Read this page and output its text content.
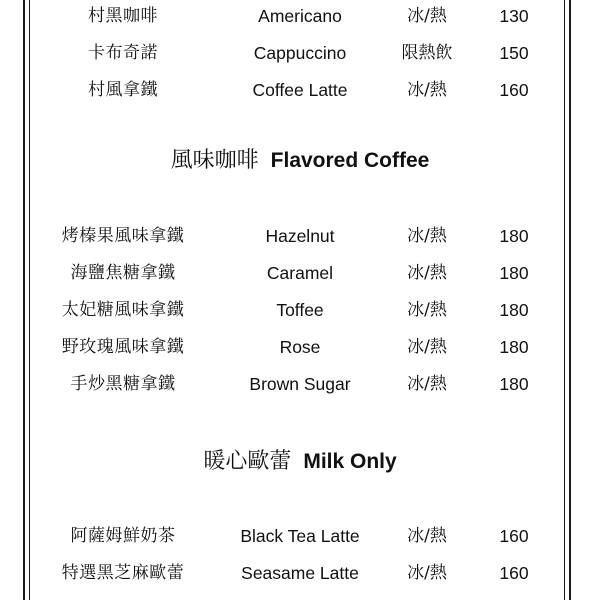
村黑咖啡	Americano	冰/熱	130
卡布奇諾	Cappuccino	限熱飲	150
村風拿鐵	Coffee Latte	冰/熱	160
風味咖啡 Flavored Coffee
烤榛果風味拿鐵	Hazelnut	冰/熱	180
海鹽焦糖拿鐵	Caramel	冰/熱	180
太妃糖風味拿鐵	Toffee	冰/熱	180
野玫瑰風味拿鐵	Rose	冰/熱	180
手炒黑糖拿鐵	Brown Sugar	冰/熱	180
暖心歐蕾 Milk Only
阿薩姆鮮奶茶	Black Tea Latte	冰/熱	160
特選黑芝麻歐蕾	Seasame Latte	冰/熱	160
